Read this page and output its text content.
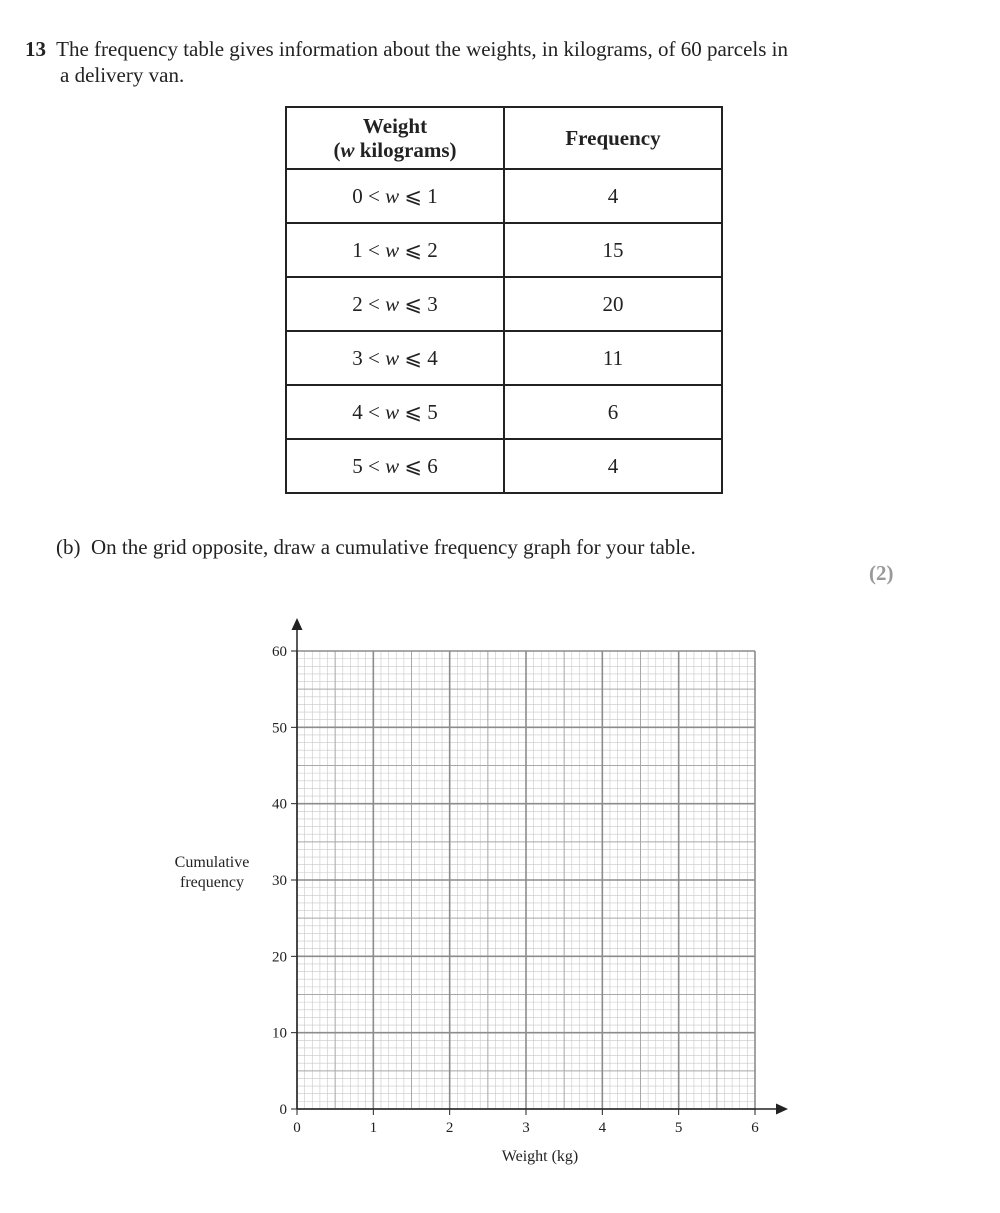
13 The frequency table gives information about the weights, in kilograms, of 60 parcels in

a delivery van.

Weight
(w kilograms)	Frequency
0 < w ⩽ 1	4
1 < w ⩽ 2	15
2 < w ⩽ 3	20
3 < w ⩽ 4	11
4 < w ⩽ 5	6
5 < w ⩽ 6	4

(b) On the grid opposite, draw a cumulative frequency graph for your table.

(2)
Cumulative frequency
Weight (kg)
0	1	2	3	4	5	6
0
10
20
30
40
50
60
